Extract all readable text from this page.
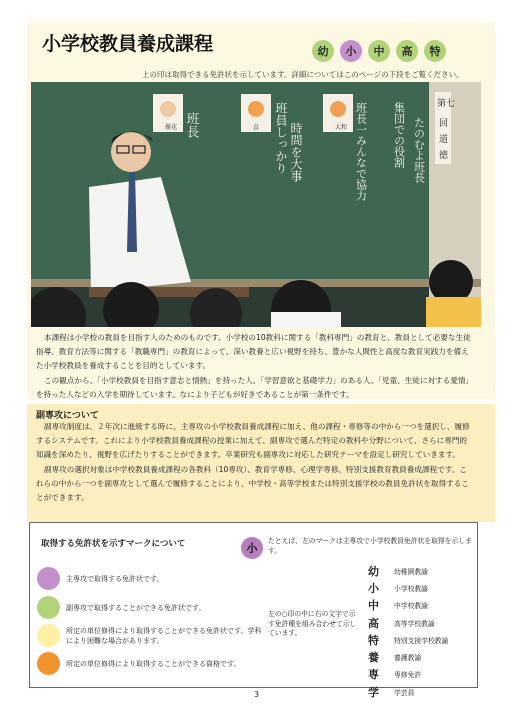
小学校教員養成課程	幼	小	中	高	特
上の印は取得できる免許状を示しています。詳細についてはこのページの下段をご覧ください。
優花	直	大和
班長	班員しっかり 時間を大事	班長一みんなで協力 集団での役割 たのむよ班長
第七
回
道
徳

本課程は小学校の教員を目指す人のためのものです。小学校の10教科に関する「教科専門」の教育と、教員として必要な生徒指導、教育方法等に関する「教職専門」の教育によって、深い教養と広い視野を持ち、豊かな人間性と高度な教育実践力を備えた小学校教員を養成することを目的としています。

この観点から、「小学校教員を目指す意志と情熱」を持った人、「学習意欲と基礎学力」のある人、「児童、生徒に対する愛情」を持った人などの入学を期待しています。なにより子どもが好きであることが第一条件です。

副専攻について

副専攻制度は、２年次に進級する時に、主専攻の小学校教員養成課程に加え、他の課程・専修等の中から一つを選択し、履修するシステムです。これにより小学校教員養成課程の授業に加えて、副専攻で選んだ特定の教科や分野について、さらに専門的知識を深めたり、視野を広げたりすることができます。卒業研究も副専攻に対応した研究テーマを設定し研究していきます。

副専攻の選択対象は中学校教員養成課程の各教科（10専攻）、教育学専修、心理学専修、特別支援教育教員養成課程です。これらの中から一つを副専攻として選んで履修することにより、中学校・高等学校または特別支援学校の教員免許状を取得することができます。

取得する免許状を示すマークについて
主専攻で取得する免許状です。
副専攻で取得することができる免許状です。
所定の単位修得により取得することができる免許状です。学科により困難な場合があります。
所定の単位修得により取得することができる資格です。
小
たとえば、左のマークは主専攻で小学校教員免許状を取得を示します。
左の○印の中に右の文字で示す免許種を組み合わせて示しています。
幼	幼稚園教諭
小	小学校教諭
中	中学校教諭
高	高等学校教諭
特	特別支援学校教諭
養	養護教諭
専	専修免許
学	学芸員
3
